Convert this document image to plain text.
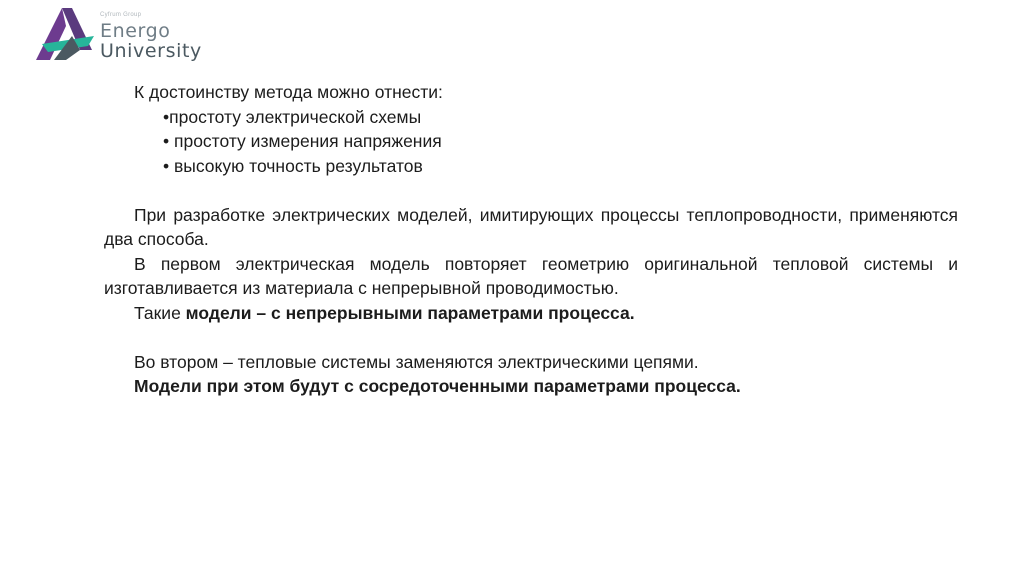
Cyfrum Group
Energo
University

К достоинству метода можно отнести:

•простоту электрической схемы
• простоту измерения напряжения
• высокую точность результатов

При разработке электрических моделей, имитирующих процессы теплопроводности, применяются два способа.

В первом электрическая модель повторяет геометрию оригинальной тепловой системы и изготавливается из материала с непрерывной проводимостью.

Такие модели – с непрерывными параметрами процесса.

Во втором – тепловые системы заменяются электрическими цепями.

Модели при этом будут с сосредоточенными параметрами процесса.
